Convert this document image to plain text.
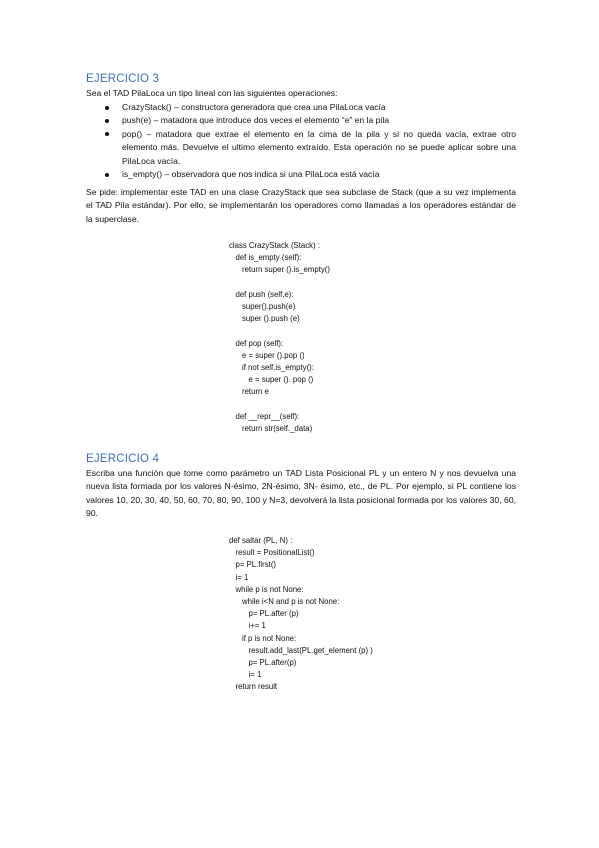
EJERCICIO 3
Sea el TAD PilaLoca un tipo lineal con las siguientes operaciones:
CrazyStack() – constructora generadora que crea una PilaLoca vacía
push(e) – matadora que introduce dos veces el elemento “e” en la pila
pop() – matadora que extrae el elemento en la cima de la pila y si no queda vacía, extrae otro elemento más. Devuelve el ultimo elemento extraído. Esta operación no se puede aplicar sobre una PilaLoca vacía.
is_empty() – observadora que nos indica si una PilaLoca está vacía
Se pide: implementar este TAD en una clase CrazyStack que sea subclase de Stack (que a su vez implementa el TAD Pila estándar). Por ello, se implementarán los operadores como llamadas a los operadores estándar de la superclase.
class CrazyStack (Stack) :
def is_empty (self):
return super ().is_empty()

def push (self,e):
super().push(e)
super ().push (e)

def pop (self):
e = super ().pop ()
if not self.is_empty():
e = super (). pop ()
return e

def __repr__(self):
return str(self._data)
EJERCICIO 4
Escriba una función que tome como parámetro un TAD Lista Posicional PL y un entero N y nos devuelva una nueva lista formada por los valores N-ésimo, 2N-ésimo, 3N- ésimo, etc., de PL. Por ejemplo, si PL contiene los valores 10, 20, 30, 40, 50, 60, 70, 80, 90, 100 y N=3, devolverá la lista posicional formada por los valores 30, 60, 90.
def saltar (PL, N) :
result = PositionalList()
p= PL.first()
i= 1
while p is not None:
while i<N and p is not None:
p= PL.after (p)
i+= 1
if p is not None:
result.add_last(PL.get_element (p) )
p= PL.after(p)
i= 1
return result
